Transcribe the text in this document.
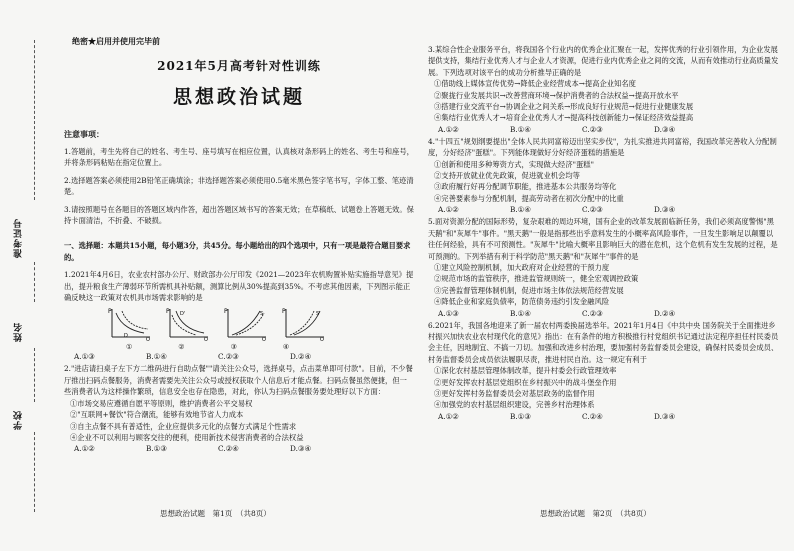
准考证号
姓名
学校
绝密★启用并使用完毕前
2021年5月高考针对性训练
思想政治试题
注意事项：

1.答题前，考生先将自己的姓名、考生号、座号填写在相应位置，认真核对条形码上的姓名、考生号和座号，并将条形码粘贴在指定位置上。

2.选择题答案必须使用2B铅笔正确填涂；非选择题答案必须使用0.5毫米黑色签字笔书写，字体工整、笔迹清楚。

3.请按照题号在各题目的答题区域内作答，超出答题区域书写的答案无效；在草稿纸、试题卷上答题无效。保持卡面清洁，不折叠、不破损。

一、选择题：本题共15小题，每小题3分，共45分。每小题给出的四个选项中，只有一项是最符合题目要求的。

1.2021年4月6日，农业农村部办公厅、财政部办公厅印发《2021—2023年农机购置补贴实施指导意见》提出，提升粮食生产薄弱环节所需机具补贴额，测算比例从30%提高到35%。不考虑其他因素，下列图示能正确反映这一政策对农机具市场需求影响的是

P
D
Q
P D'
Q
P	S
Q
P	S'
Q
①	②	③	④
A.①③	B.①④	C.②③	D.②④

2."进店请扫桌子左下方二维码进行自助点餐""请关注公众号，选择桌号，点击菜单即可付款"。目前，不少餐厅推出扫码点餐服务，消费者需要先关注公众号或授权获取个人信息后才能点餐。扫码点餐虽然便捷，但一些消费者认为这样操作繁琐，信息安全也存在隐患，对此，你认为扫码点餐服务要处理好以下方面：

①市场交易应遵循自愿平等原则，维护消费者公平交易权

②"互联网+餐饮"符合潮流，能够有效地节省人力成本

③自主点餐不具有普适性，企业应提供多元化的点餐方式满足个性需求

④企业不可以利用与顾客交往的便利，使用新技术侵害消费者的合法权益

A.①②	B.①③	C.②④	D.③④
思想政治试题　第1页　（共8页）

3.某综合性企业服务平台，将我国各个行业内的优秀企业汇聚在一起，发挥优秀的行业引领作用，为企业发展提供支持，集结行业优秀人才与企业人才资源，促进行业内优秀企业之间的交流，从而有效推动行业高质量发展。下列选项对该平台的成功分析推导正确的是

①借助线上媒体宣传优势→降低企业经营成本→提高企业知名度

②聚拢行业发展共识→改善营商环境→保护消费者的合法权益→提高开放水平

③搭建行业交流平台→协调企业之间关系→形成良好行业规范→促进行业健康发展

④集结行业优秀人才→培育企业优秀人才→提高科技创新能力→保证经济效益提高

A.①②	B.①④	C.②③	D.③④

4."十四五"规划纲要提出"全体人民共同富裕迈出坚实步伐"，为扎实推进共同富裕，我国改革完善收入分配制度，分好经济"蛋糕"。下列能体现做好分好经济蛋糕的措施是

①创新和使用多种筹资方式，实现做大经济"蛋糕"

②支持开放就业优先政策，促进就业机会均等

③政府履行好再分配调节职能，推进基本公共服务均等化

④完善要素参与分配机制，提高劳动者在初次分配中的比重

A.①②	B.①④	C.②③	D.③④

5.面对资源分配的国际形势，复杂艰难的周边环境，国有企业的改革发展面临新任务，我们必须高度警惕"黑天鹅"和"灰犀牛"事件。"黑天鹅"一般是指那些出乎意料发生的小概率高风险事件，一旦发生影响足以颠覆以往任何经验，具有不可预测性。"灰犀牛"比喻大概率且影响巨大的潜在危机，这个危机有发生发展的过程，是可预测的。下列举措有利于科学防范"黑天鹅"和"灰犀牛"事件的是

①建立风险控制机制，加大政府对企业经营的干预力度

②规范市场的监管秩序，推进监管规则统一，健全宏观调控政策

③完善监督管理体制机制，促进市场主体依法规范经营发展

④降低企业和家庭负债率，防范债务违约引发金融风险

A.①③	B.①④	C.②③	D.②④

6.2021年，我国各地迎来了新一届农村两委换届选举年。2021年1月4日《中共中央 国务院关于全面推进乡村振兴加快农业农村现代化的意见》指出：在有条件的地方积极推行村党组织书记通过法定程序担任村民委员会主任，因地制宜、不搞一刀切。加强和改进乡村治理，要加强村务监督委员会建设，确保村民委员会成员、村务监督委员会成员依法履职尽责，推进村民自治。这一规定有利于

①深化农村基层管理体制改革，提升村委会行政管理效率

②更好发挥农村基层党组织在乡村振兴中的战斗堡垒作用

③更好发挥村务监督委员会对基层政务的监督作用

④加强党的农村基层组织建设，完善乡村治理体系

A.①②	B.①③	C.②④	D.③④
思想政治试题　第2页　（共8页）
